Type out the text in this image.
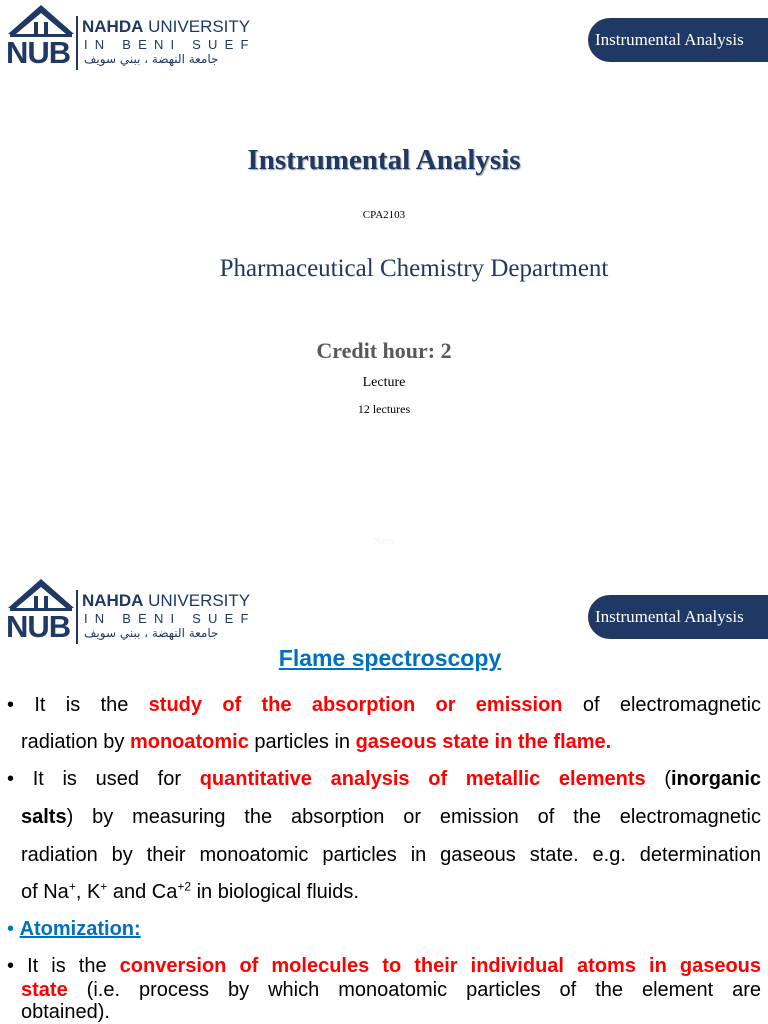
NUB
NAHDA UNIVERSITY
IN BENI SUEF
جامعة النهضة ، ببني سويف
Instrumental Analysis
Instrumental Analysis
CPA2103
Pharmaceutical Chemistry Department
Credit hour: 2
Lecture
12 lectures
Notes
NUB
NAHDA UNIVERSITY
IN BENI SUEF
جامعة النهضة ، ببني سويف
Instrumental Analysis
Flame spectroscopy
• It is the study of the absorption or emission of electromagnetic
radiation by monoatomic particles in gaseous state in the flame.
• It is used for quantitative analysis of metallic elements (inorganic
salts) by measuring the absorption or emission of the electromagnetic
radiation by their monoatomic particles in gaseous state. e.g. determination
of Na+, K+ and $Ca^{+2}$ in biological fluids.
• Atomization:
• It is the conversion of molecules to their individual atoms in gaseous
state (i.e. process by which monoatomic particles of the element are
obtained).
